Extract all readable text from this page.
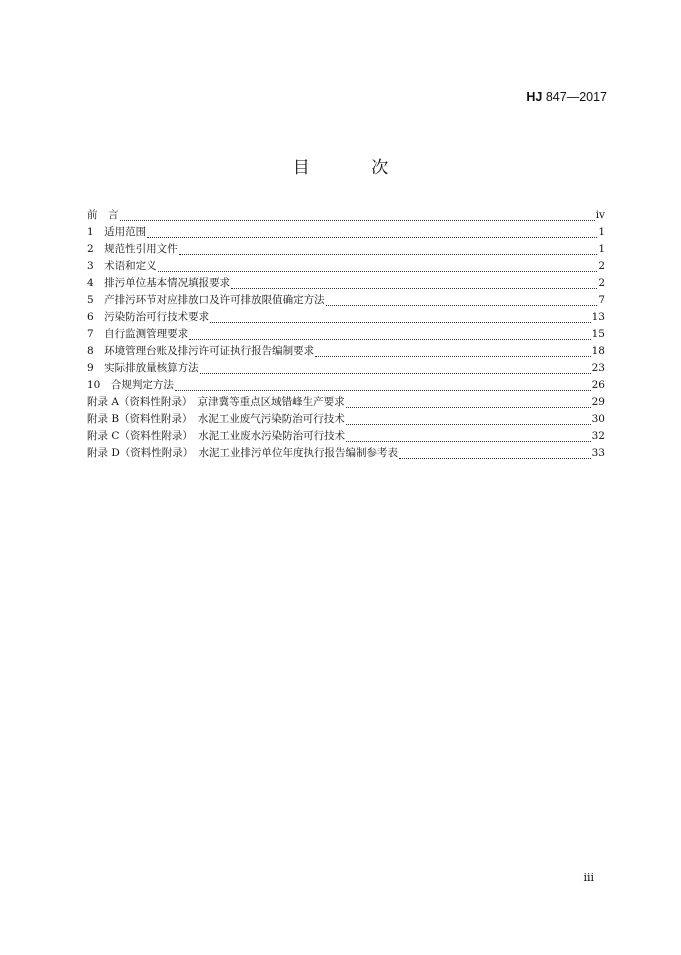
HJ 847—2017
目 次
前　言	iv
1　适用范围	1
2　规范性引用文件	1
3　术语和定义	2
4　排污单位基本情况填报要求	2
5　产排污环节对应排放口及许可排放限值确定方法	7
6　污染防治可行技术要求	13
7　自行监测管理要求	15
8　环境管理台账及排污许可证执行报告编制要求	18
9　实际排放量核算方法	23
10　合规判定方法	26
附录 A（资料性附录）　京津冀等重点区域错峰生产要求	29
附录 B（资料性附录）　水泥工业废气污染防治可行技术	30
附录 C（资料性附录）　水泥工业废水污染防治可行技术	32
附录 D（资料性附录）　水泥工业排污单位年度执行报告编制参考表	33
iii
